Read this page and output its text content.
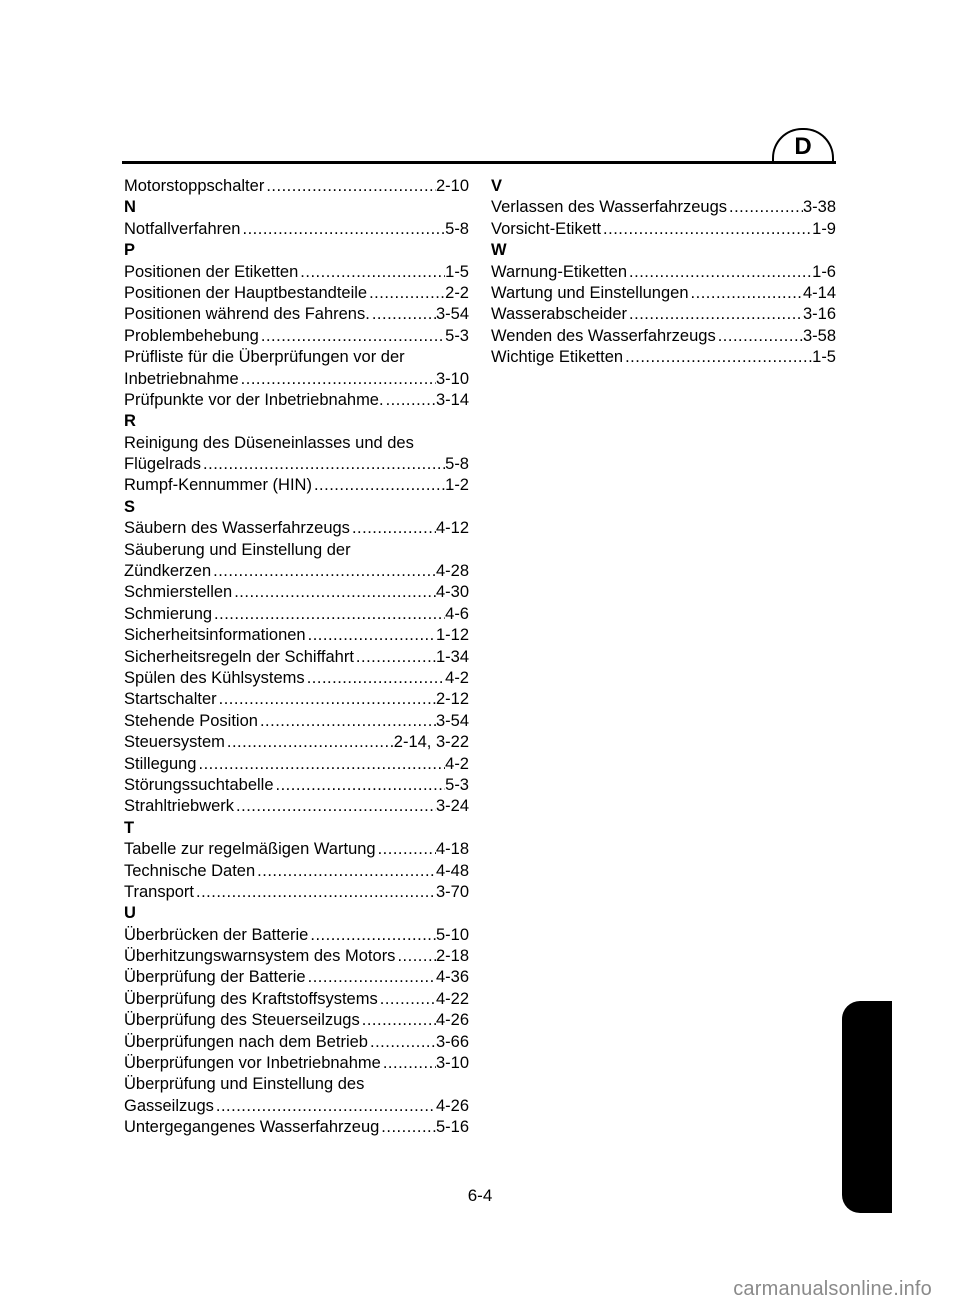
D
Motorstoppschalter .....	2-10
N
Notfallverfahren .....	5-8
P
Positionen der Etiketten .....	1-5
Positionen der Hauptbestandteile .....	2-2
Positionen während des Fahrens. .....	3-54
Problembehebung .....	5-3
Prüfliste für die Überprüfungen vor der
Inbetriebnahme .....	3-10
Prüfpunkte vor der Inbetriebnahme. .....	3-14
R
Reinigung des Düseneinlasses und des
Flügelrads .....	5-8
Rumpf-Kennummer (HIN) .....	1-2
S
Säubern des Wasserfahrzeugs .....	4-12
Säuberung und Einstellung der
Zündkerzen .....	4-28
Schmierstellen .....	4-30
Schmierung .....	4-6
Sicherheitsinformationen .....	1-12
Sicherheitsregeln der Schiffahrt .....	1-34
Spülen des Kühlsystems .....	4-2
Startschalter .....	2-12
Stehende Position .....	3-54
Steuersystem .....	2-14, 3-22
Stillegung .....	4-2
Störungssuchtabelle .....	5-3
Strahltriebwerk .....	3-24
T
Tabelle zur regelmäßigen Wartung .....	4-18
Technische Daten .....	4-48
Transport .....	3-70
U
Überbrücken der Batterie .....	5-10
Überhitzungswarnsystem des Motors ..... 2-18
Überprüfung der Batterie .....	4-36
Überprüfung des Kraftstoffsystems .....	4-22
Überprüfung des Steuerseilzugs .....	4-26
Überprüfungen nach dem Betrieb .....	3-66
Überprüfungen vor Inbetriebnahme .....	3-10
Überprüfung und Einstellung des
Gasseilzugs .....	4-26
Untergegangenes Wasserfahrzeug .....	5-16
V
Verlassen des Wasserfahrzeugs .....	3-38
Vorsicht-Etikett .....	1-9
W
Warnung-Etiketten .....	1-6
Wartung und Einstellungen .....	4-14
Wasserabscheider .....	3-16
Wenden des Wasserfahrzeugs .....	3-58
Wichtige Etiketten .....	1-5
6-4
carmanualsonline.info
